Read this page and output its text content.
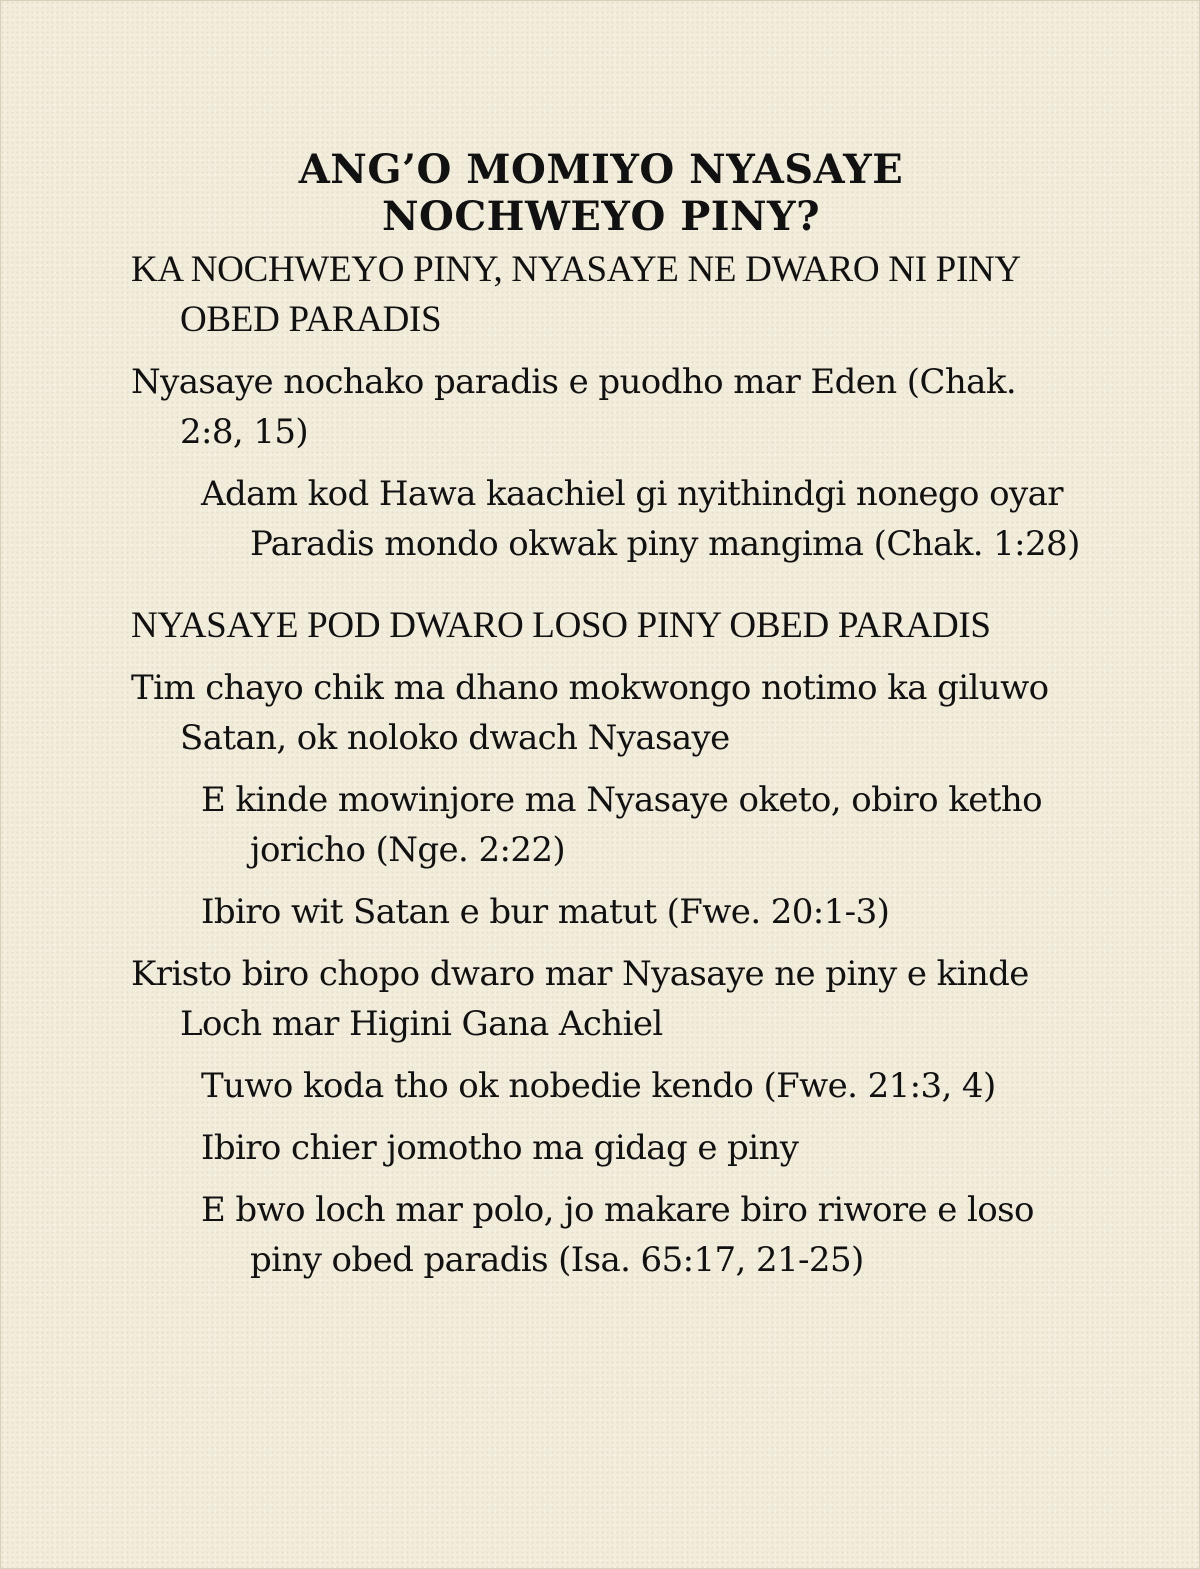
ANG’O MOMIYO NYASAYE
NOCHWEYO PINY?

KA NOCHWEYO PINY, NYASAYE NE DWARO NI PINY OBED PARADIS

Nyasaye nochako paradis e puodho mar Eden (Chak. 2:8, 15)

Adam kod Hawa kaachiel gi nyithindgi nonego oyar Paradis mondo okwak piny mangima (Chak. 1:28)

NYASAYE POD DWARO LOSO PINY OBED PARADIS

Tim chayo chik ma dhano mokwongo notimo ka giluwo Satan, ok noloko dwach Nyasaye

E kinde mowinjore ma Nyasaye oketo, obiro ketho joricho (Nge. 2:22)

Ibiro wit Satan e bur matut (Fwe. 20:1-3)

Kristo biro chopo dwaro mar Nyasaye ne piny e kinde Loch mar Higini Gana Achiel

Tuwo koda tho ok nobedie kendo (Fwe. 21:3, 4)

Ibiro chier jomotho ma gidag e piny

E bwo loch mar polo, jo makare biro riwore e loso piny obed paradis (Isa. 65:17, 21-25)
